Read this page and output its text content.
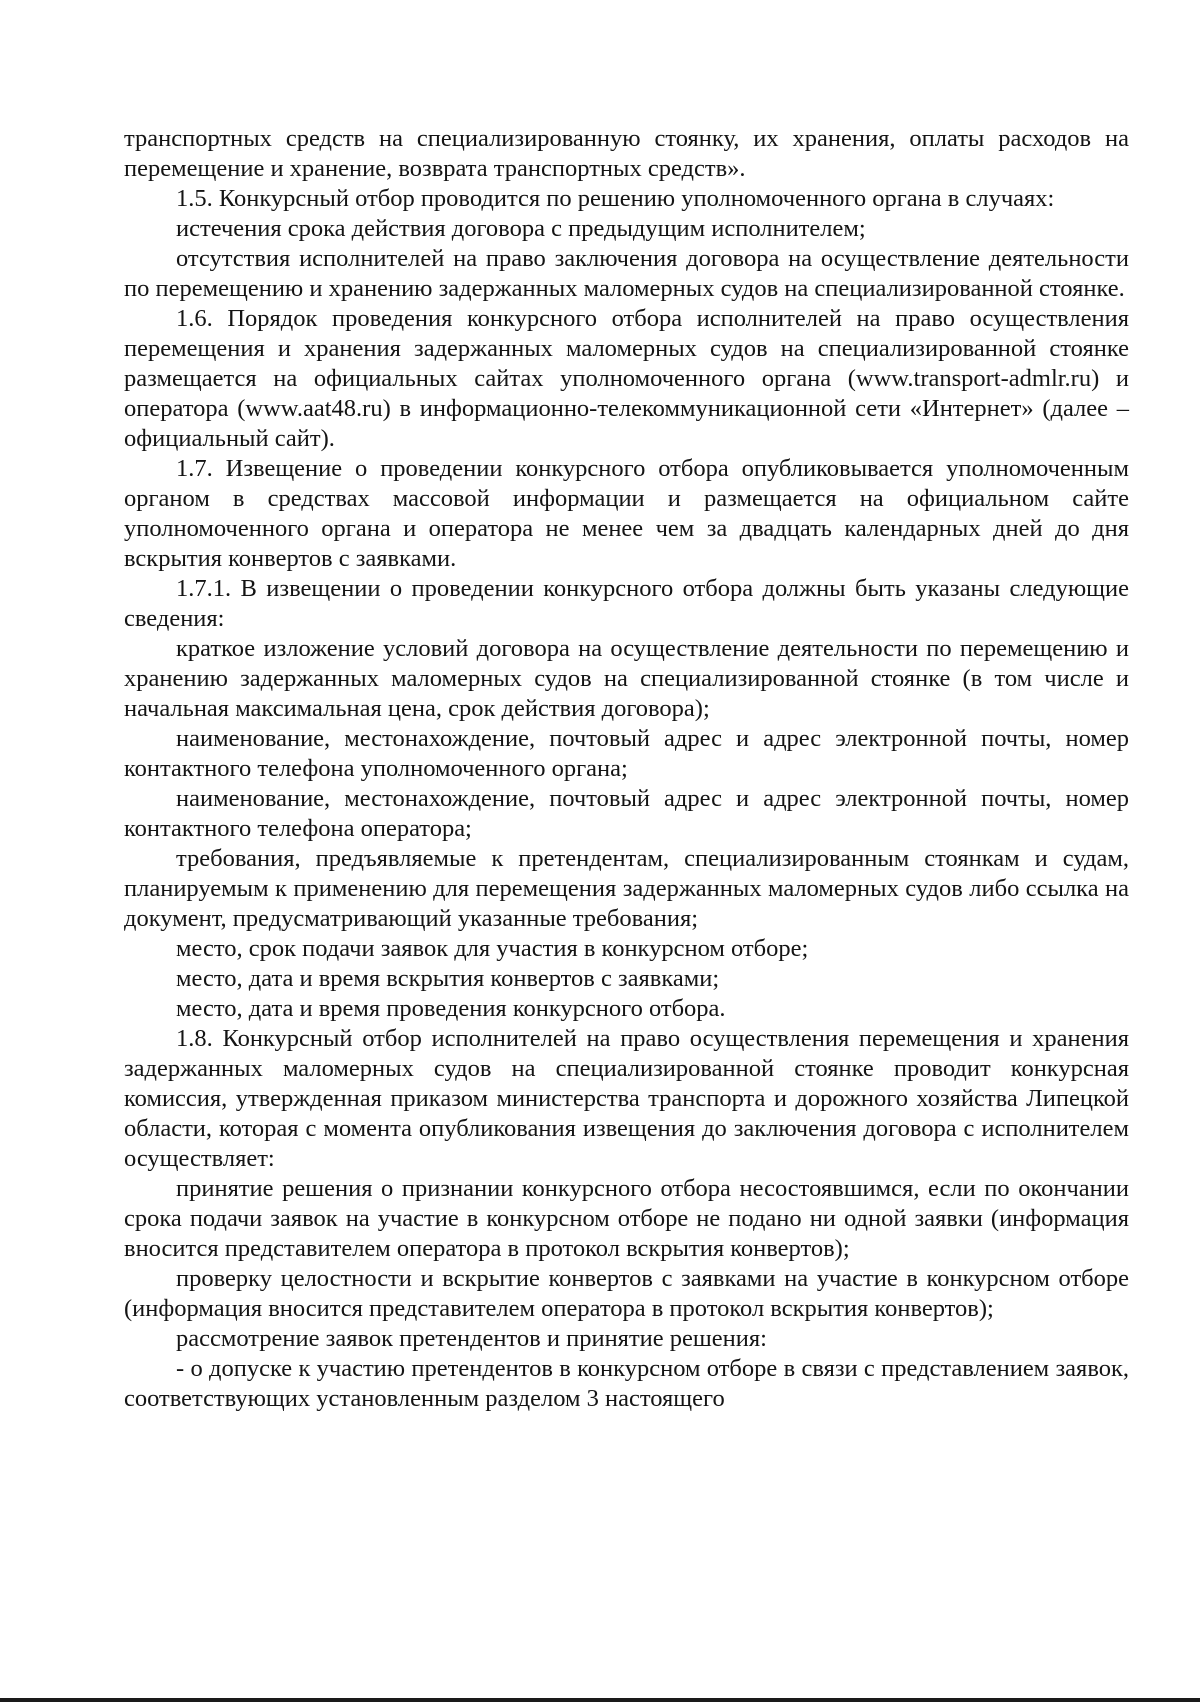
транспортных средств на специализированную стоянку, их хранения, оплаты расходов на перемещение и хранение, возврата транспортных средств».

1.5. Конкурсный отбор проводится по решению уполномоченного органа в случаях:

истечения срока действия договора с предыдущим исполнителем;

отсутствия исполнителей на право заключения договора на осуществление деятельности по перемещению и хранению задержанных маломерных судов на специализированной стоянке.

1.6. Порядок проведения конкурсного отбора исполнителей на право осуществления перемещения и хранения задержанных маломерных судов на специализированной стоянке размещается на официальных сайтах уполномоченного органа (www.transport-admlr.ru) и оператора (www.aat48.ru) в информационно-телекоммуникационной сети «Интернет» (далее – официальный сайт).

1.7. Извещение о проведении конкурсного отбора опубликовывается уполномоченным органом в средствах массовой информации и размещается на официальном сайте уполномоченного органа и оператора не менее чем за двадцать календарных дней до дня вскрытия конвертов с заявками.

1.7.1. В извещении о проведении конкурсного отбора должны быть указаны следующие сведения:

краткое изложение условий договора на осуществление деятельности по перемещению и хранению задержанных маломерных судов на специализированной стоянке (в том числе и начальная максимальная цена, срок действия договора);

наименование, местонахождение, почтовый адрес и адрес электронной почты, номер контактного телефона уполномоченного органа;

наименование, местонахождение, почтовый адрес и адрес электронной почты, номер контактного телефона оператора;

требования, предъявляемые к претендентам, специализированным стоянкам и судам, планируемым к применению для перемещения задержанных маломерных судов либо ссылка на документ, предусматривающий указанные требования;

место, срок подачи заявок для участия в конкурсном отборе;

место, дата и время вскрытия конвертов с заявками;

место, дата и время проведения конкурсного отбора.

1.8. Конкурсный отбор исполнителей на право осуществления перемещения и хранения задержанных маломерных судов на специализированной стоянке проводит конкурсная комиссия, утвержденная приказом министерства транспорта и дорожного хозяйства Липецкой области, которая с момента опубликования извещения до заключения договора с исполнителем осуществляет:

принятие решения о признании конкурсного отбора несостоявшимся, если по окончании срока подачи заявок на участие в конкурсном отборе не подано ни одной заявки (информация вносится представителем оператора в протокол вскрытия конвертов);

проверку целостности и вскрытие конвертов с заявками на участие в конкурсном отборе (информация вносится представителем оператора в протокол вскрытия конвертов);

рассмотрение заявок претендентов и принятие решения:

- о допуске к участию претендентов в конкурсном отборе в связи с представлением заявок, соответствующих установленным разделом 3 настоящего
